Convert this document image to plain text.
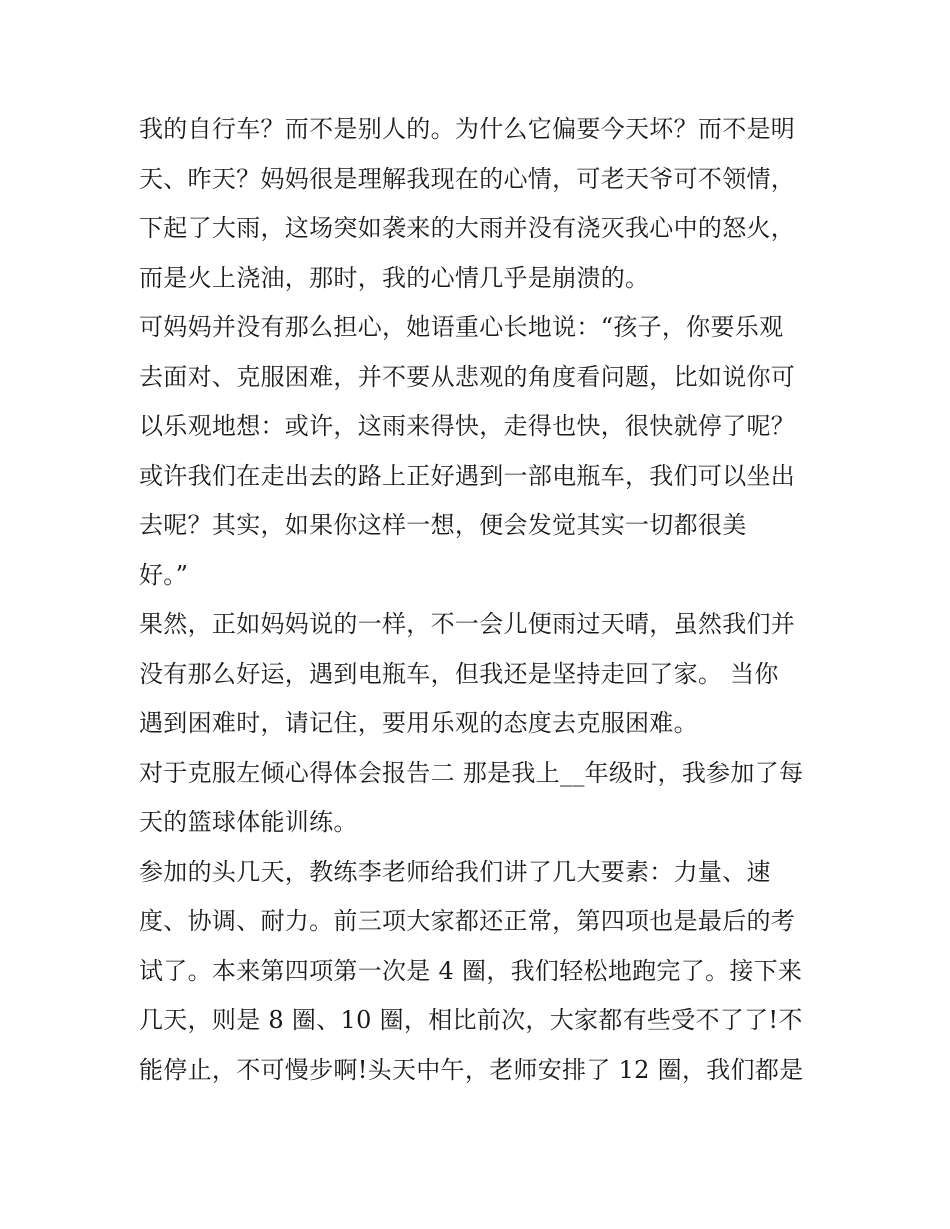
我的自行车？而不是别人的。为什么它偏要今天坏？而不是明
天、昨天？妈妈很是理解我现在的心情，可老天爷可不领情，
下起了大雨，这场突如袭来的大雨并没有浇灭我心中的怒火，
而是火上浇油，那时，我的心情几乎是崩溃的。
可妈妈并没有那么担心，她语重心长地说：“孩子，你要乐观
去面对、克服困难，并不要从悲观的角度看问题，比如说你可
以乐观地想：或许，这雨来得快，走得也快，很快就停了呢？
或许我们在走出去的路上正好遇到一部电瓶车，我们可以坐出
去呢？其实，如果你这样一想，便会发觉其实一切都很美
好。”
果然，正如妈妈说的一样，不一会儿便雨过天晴，虽然我们并
没有那么好运，遇到电瓶车，但我还是坚持走回了家。 当你
遇到困难时，请记住，要用乐观的态度去克服困难。
对于克服左倾心得体会报告二 那是我上__年级时，我参加了每
天的篮球体能训练。
参加的头几天，教练李老师给我们讲了几大要素：力量、速
度、协调、耐力。前三项大家都还正常，第四项也是最后的考
试了。本来第四项第一次是 4 圈，我们轻松地跑完了。接下来
几天，则是 8 圈、10 圈，相比前次，大家都有些受不了了!不
能停止，不可慢步啊!头天中午，老师安排了 12 圈，我们都是
